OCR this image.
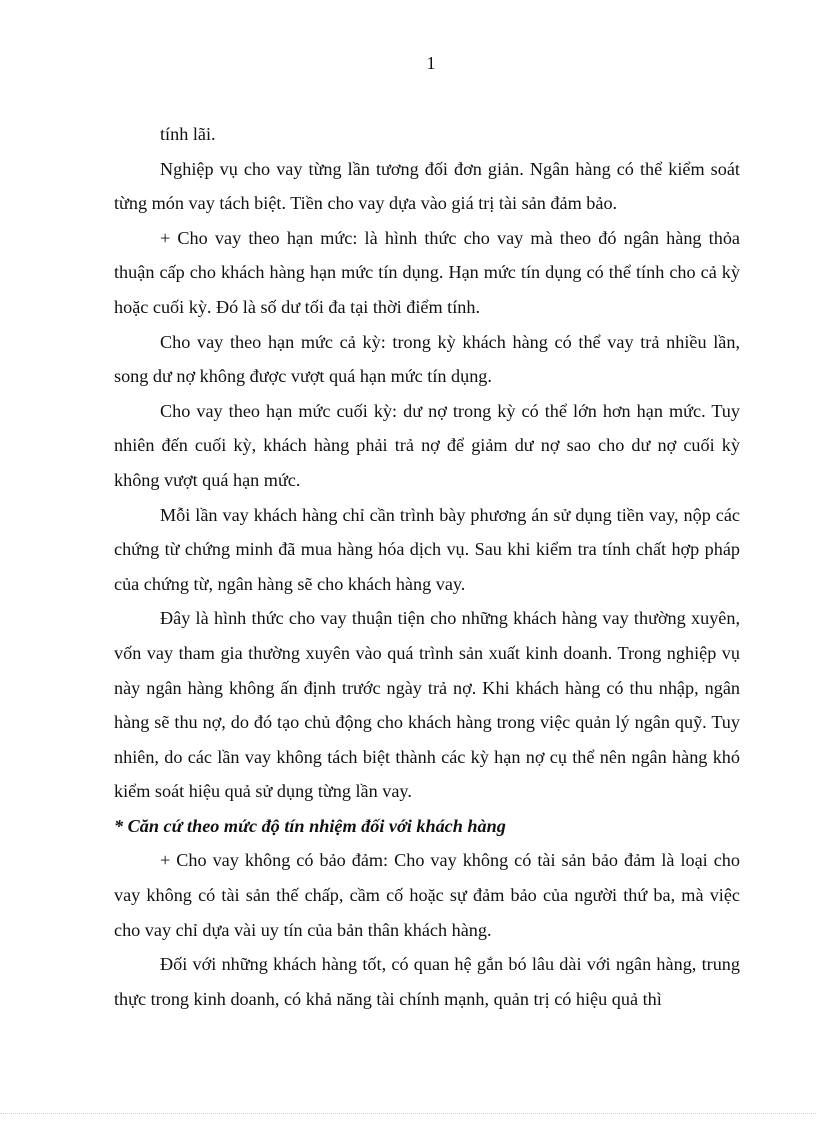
1

tính lãi.

Nghiệp vụ cho vay từng lần tương đối đơn giản. Ngân hàng có thể kiểm soát từng món vay tách biệt. Tiền cho vay dựa vào giá trị tài sản đảm bảo.

+ Cho vay theo hạn mức: là hình thức cho vay mà theo đó ngân hàng thỏa thuận cấp cho khách hàng hạn mức tín dụng. Hạn mức tín dụng có thể tính cho cả kỳ hoặc cuối kỳ. Đó là số dư tối đa tại thời điểm tính.

Cho vay theo hạn mức cả kỳ: trong kỳ khách hàng có thể vay trả nhiều lần, song dư nợ không được vượt quá hạn mức tín dụng.

Cho vay theo hạn mức cuối kỳ: dư nợ trong kỳ có thể lớn hơn hạn mức. Tuy nhiên đến cuối kỳ, khách hàng phải trả nợ để giảm dư nợ sao cho dư nợ cuối kỳ không vượt quá hạn mức.

Mỗi lần vay khách hàng chỉ cần trình bày phương án sử dụng tiền vay, nộp các chứng từ chứng minh đã mua hàng hóa dịch vụ. Sau khi kiểm tra tính chất hợp pháp của chứng từ, ngân hàng sẽ cho khách hàng vay.

Đây là hình thức cho vay thuận tiện cho những khách hàng vay thường xuyên, vốn vay tham gia thường xuyên vào quá trình sản xuất kinh doanh. Trong nghiệp vụ này ngân hàng không ấn định trước ngày trả nợ. Khi khách hàng có thu nhập, ngân hàng sẽ thu nợ, do đó tạo chủ động cho khách hàng trong việc quản lý ngân quỹ. Tuy nhiên, do các lần vay không tách biệt thành các kỳ hạn nợ cụ thể nên ngân hàng khó kiểm soát hiệu quả sử dụng từng lần vay.

* Căn cứ theo mức độ tín nhiệm đối với khách hàng

+ Cho vay không có bảo đảm: Cho vay không có tài sản bảo đảm là loại cho vay không có tài sản thế chấp, cầm cố hoặc sự đảm bảo của người thứ ba, mà việc cho vay chỉ dựa vài uy tín của bản thân khách hàng.

Đối với những khách hàng tốt, có quan hệ gắn bó lâu dài với ngân hàng, trung thực trong kinh doanh, có khả năng tài chính mạnh, quản trị có hiệu quả thì
